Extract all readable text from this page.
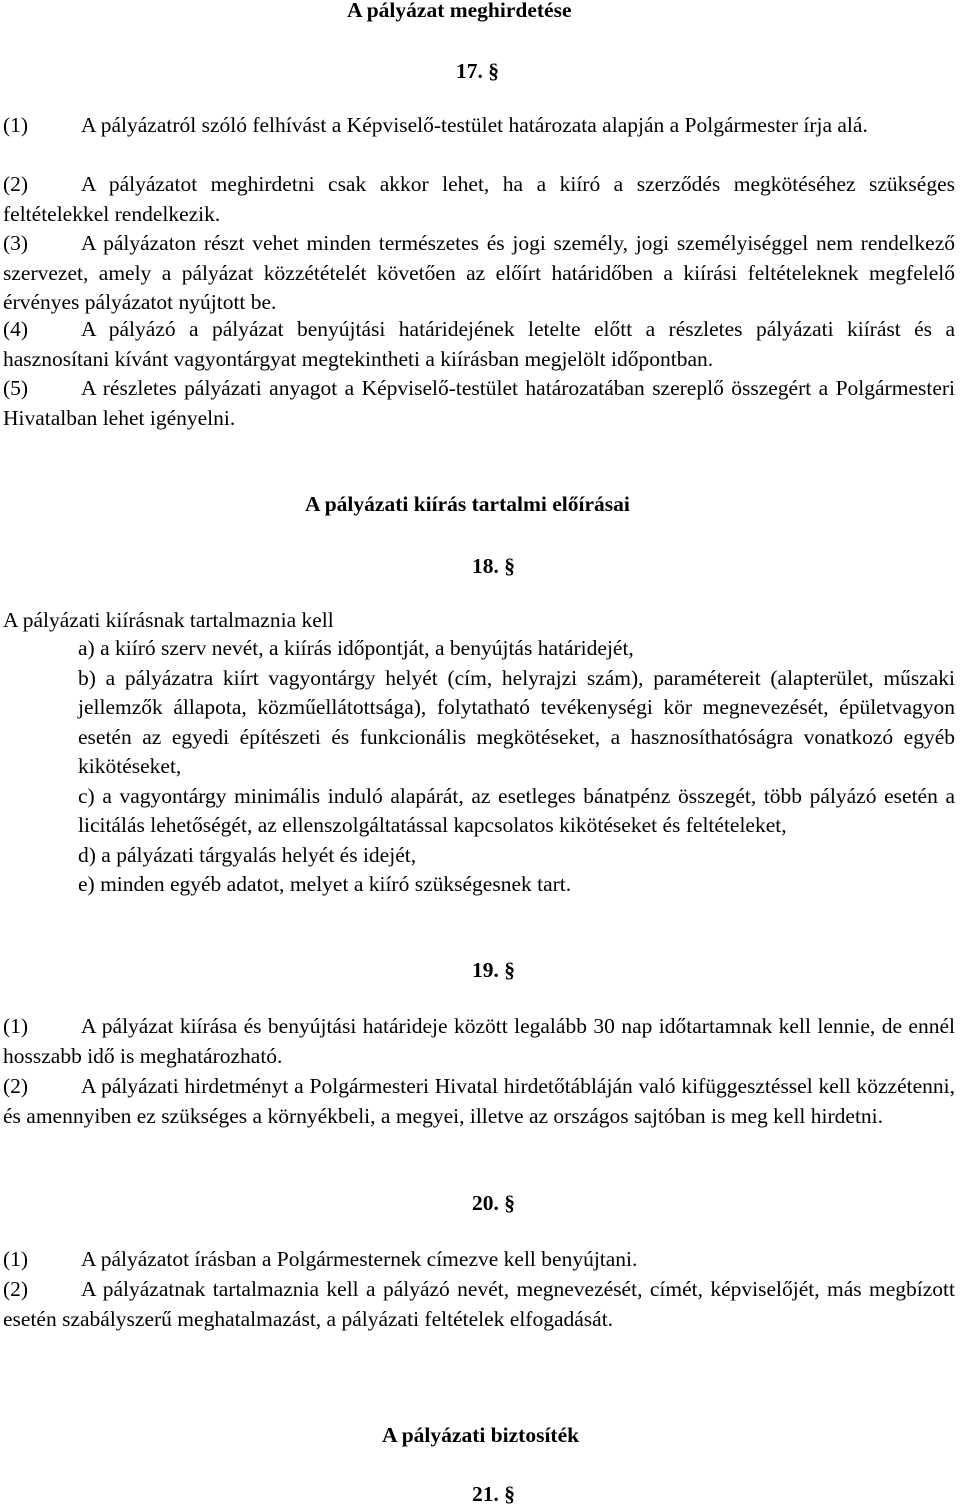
A pályázat meghirdetése
17. §
(1) A pályázatról szóló felhívást a Képviselő-testület határozata alapján a Polgármester írja alá.
(2) A pályázatot meghirdetni csak akkor lehet, ha a kiíró a szerződés megkötéséhez szükséges feltételekkel rendelkezik.
(3) A pályázaton részt vehet minden természetes és jogi személy, jogi személyiséggel nem rendelkező szervezet, amely a pályázat közzétételét követően az előírt határidőben a kiírási feltételeknek megfelelő érvényes pályázatot nyújtott be.
(4) A pályázó a pályázat benyújtási határidejének letelte előtt a részletes pályázati kiírást és a hasznosítani kívánt vagyontárgyat megtekintheti a kiírásban megjelölt időpontban.
(5) A részletes pályázati anyagot a Képviselő-testület határozatában szereplő összegért a Polgármesteri Hivatalban lehet igényelni.
A pályázati kiírás tartalmi előírásai
18. §
A pályázati kiírásnak tartalmaznia kell

a) a kiíró szerv nevét, a kiírás időpontját, a benyújtás határidejét,

b) a pályázatra kiírt vagyontárgy helyét (cím, helyrajzi szám), paramétereit (alapterület, műszaki jellemzők állapota, közműellátottsága), folytatható tevékenységi kör megnevezését, épületvagyon esetén az egyedi építészeti és funkcionális megkötéseket, a hasznosíthatóságra vonatkozó egyéb kikötéseket,

c) a vagyontárgy minimális induló alapárát, az esetleges bánatpénz összegét, több pályázó esetén a licitálás lehetőségét, az ellenszolgáltatással kapcsolatos kikötéseket és feltételeket,

d) a pályázati tárgyalás helyét és idejét,

e) minden egyéb adatot, melyet a kiíró szükségesnek tart.

19. §
(1) A pályázat kiírása és benyújtási határideje között legalább 30 nap időtartamnak kell lennie, de ennél hosszabb idő is meghatározható.
(2) A pályázati hirdetményt a Polgármesteri Hivatal hirdetőtábláján való kifüggesztéssel kell közzétenni, és amennyiben ez szükséges a környékbeli, a megyei, illetve az országos sajtóban is meg kell hirdetni.
20. §
(1) A pályázatot írásban a Polgármesternek címezve kell benyújtani.
(2) A pályázatnak tartalmaznia kell a pályázó nevét, megnevezését, címét, képviselőjét, más megbízott esetén szabályszerű meghatalmazást, a pályázati feltételek elfogadását.
A pályázati biztosíték
21. §
